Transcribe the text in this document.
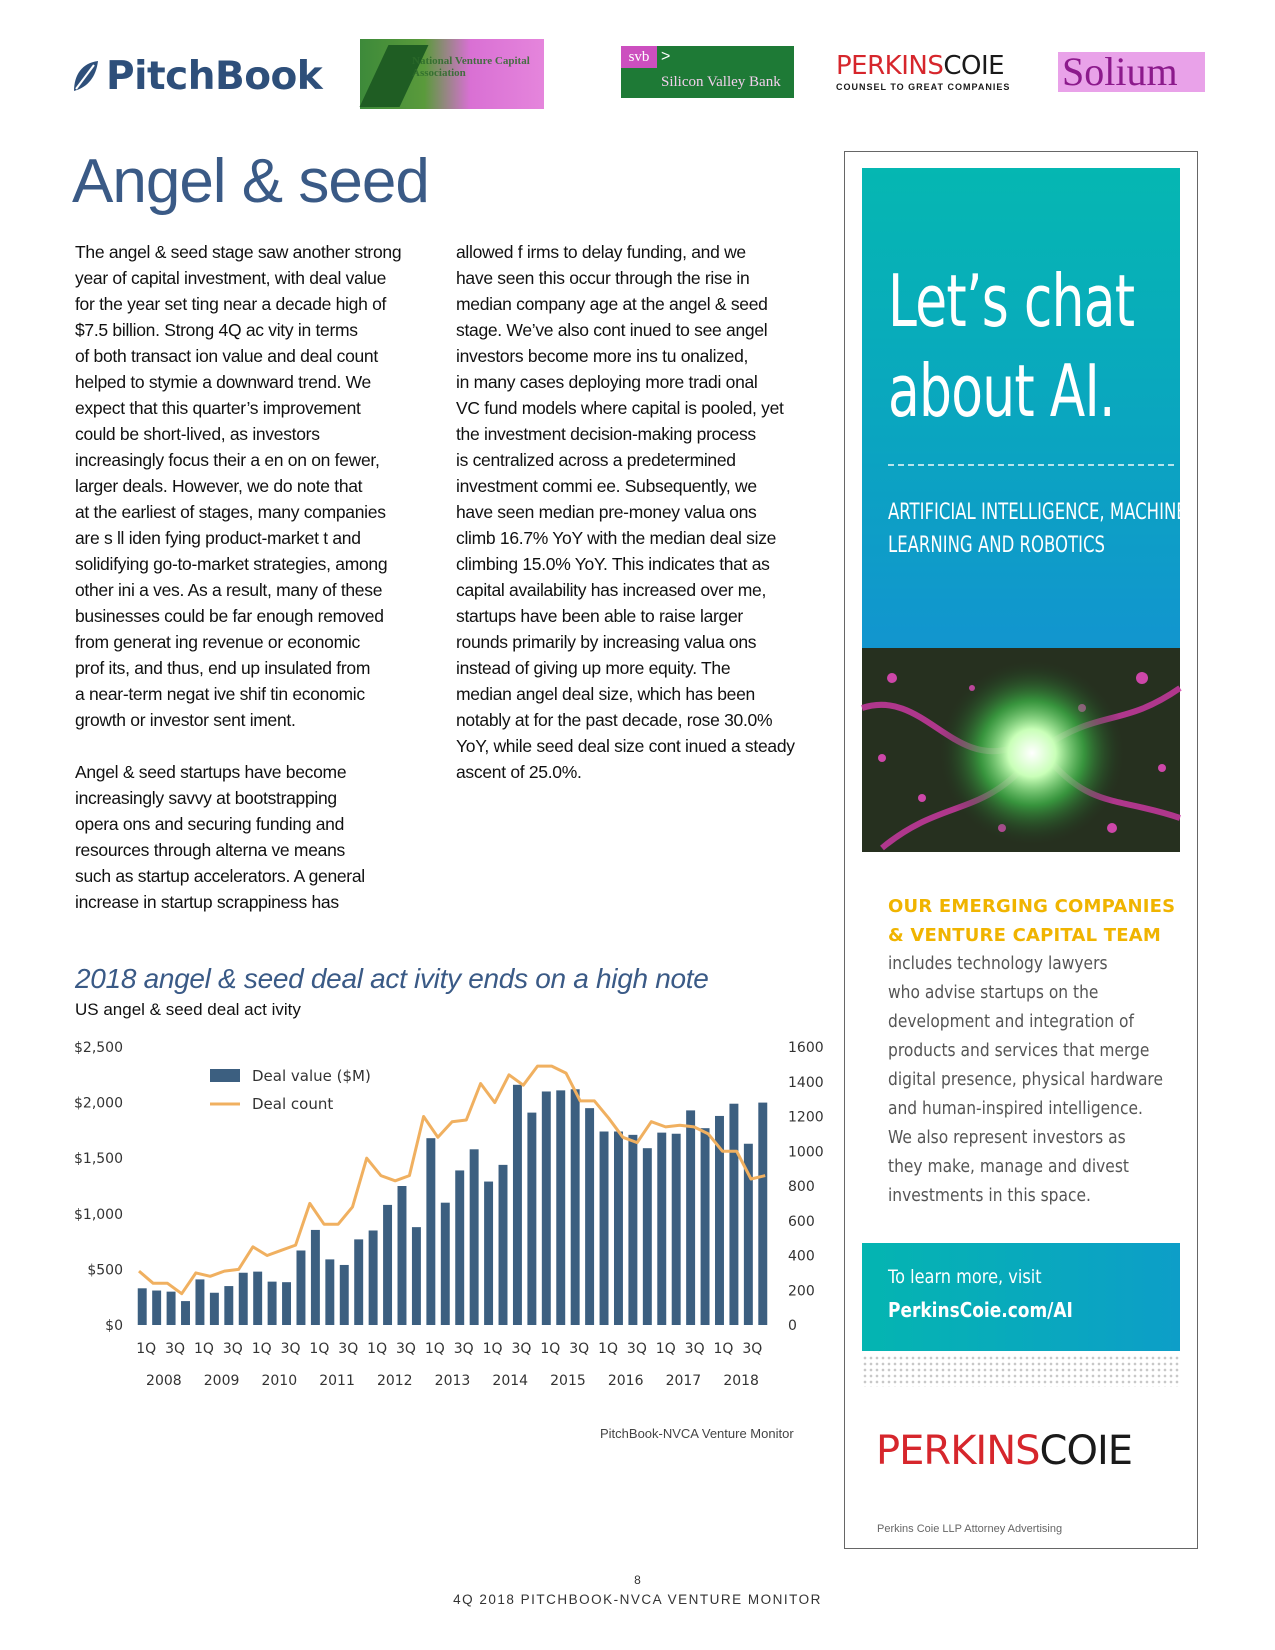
PitchBook	National Venture Capital Association
svb >
Silicon Valley Bank
PERKINSCOIE
COUNSEL TO GREAT COMPANIES Solium
Angel & seed

The angel & seed stage saw another strong

year of capital investment, with deal value

for the year set ting near a decade high of

$7.5 billion. Strong 4Q ac vity in terms

of both transact ion value and deal count

helped to stymie a downward trend. We

expect that this quarter’s improvement

could be short-lived, as investors

increasingly focus their a en on on fewer,

larger deals. However, we do note that

at the earliest of stages, many companies

are s ll iden fying product-market t and

solidifying go-to-market strategies, among

other ini a ves. As a result, many of these

businesses could be far enough removed

from generat ing revenue or economic

prof its, and thus, end up insulated from

a near-term negat ive shif tin economic

growth or investor sent iment.

Angel & seed startups have become

increasingly savvy at bootstrapping

opera ons and securing funding and

resources through alterna ve means

such as startup accelerators. A general

increase in startup scrappiness has

allowed f irms to delay funding, and we

have seen this occur through the rise in

median company age at the angel & seed

stage. We’ve also cont inued to see angel

investors become more ins tu onalized,

in many cases deploying more tradi onal

VC fund models where capital is pooled, yet

the investment decision-making process

is centralized across a predetermined

investment commi ee. Subsequently, we

have seen median pre-money valua ons

climb 16.7% YoY with the median deal size

climbing 15.0% YoY. This indicates that as

capital availability has increased over me,

startups have been able to raise larger

rounds primarily by increasing valua ons

instead of giving up more equity. The

median angel deal size, which has been

notably at for the past decade, rose 30.0%

YoY, while seed deal size cont inued a steady

ascent of 25.0%.

2018 angel & seed deal act ivity ends on a high note
US angel & seed deal act ivity
$0
$500
$1,000
$1,500
$2,000
$2,500
0
200
400
600
800
1000
1200
1400
1600
1Q 3Q 1Q 3Q 1Q 3Q 1Q 3Q 1Q 3Q 1Q 3Q 1Q 3Q 1Q 3Q 1Q 3Q 1Q 3Q 1Q 3Q
2008 2009 2010 2011 2012 2013 2014 2015 2016 2017 2018
Deal value ($M)
Deal count
PitchBook-NVCA Venture Monitor
Let’s chat
about AI.
ARTIFICIAL INTELLIGENCE, MACHINE
LEARNING AND ROBOTICS
OUR EMERGING COMPANIES
& VENTURE CAPITAL TEAM

includes technology lawyers

who advise startups on the

development and integration of

products and services that merge

digital presence, physical hardware

and human-inspired intelligence.

We also represent investors as

they make, manage and divest

investments in this space.

To learn more, visit
PerkinsCoie.com/AI
PERKINSCOIE
Perkins Coie LLP Attorney Advertising
8
4Q 2018 PITCHBOOK-NVCA VENTURE MONITOR
